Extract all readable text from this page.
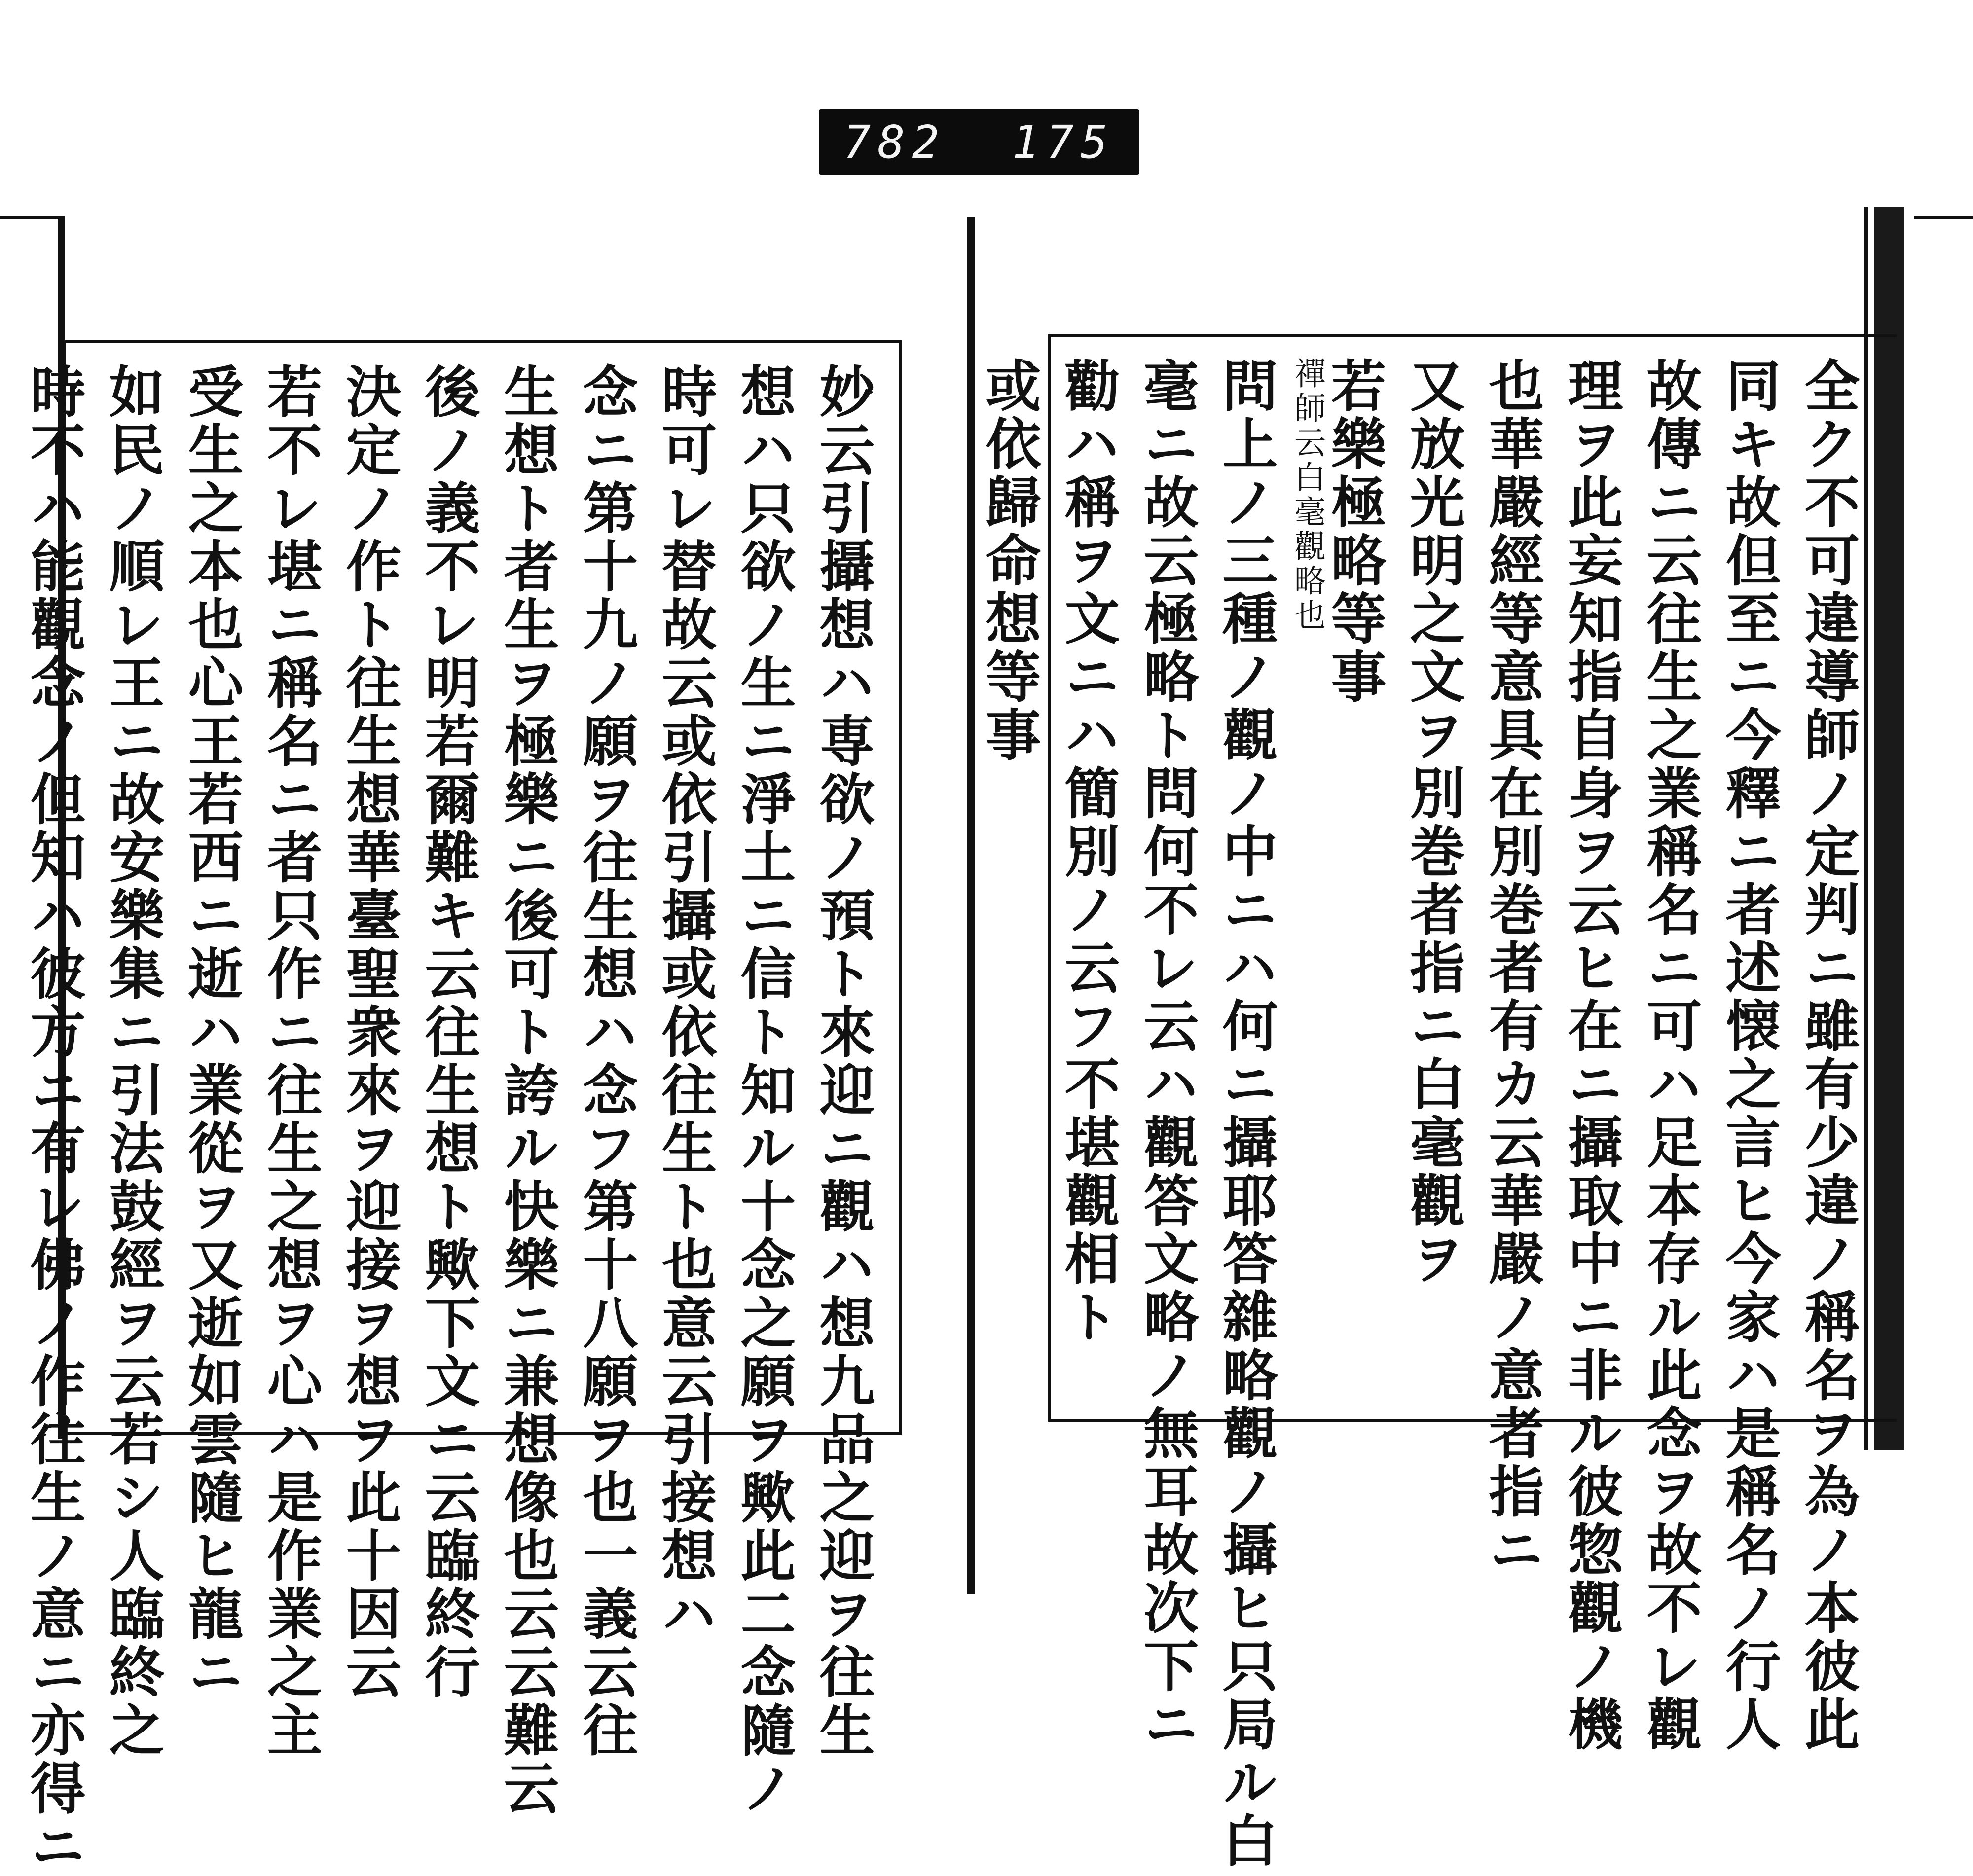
782 175
妙云引攝想ハ専欲ノ預ト來迎ニ觀ハ想九品之迎ヲ往生
想ハ只欲ノ生ニ淨土ニ信ト知ル十念之願ヲ歟此二念隨ノ
時可レ替故云或依引攝或依往生ト也意云引接想ハ
念ニ第十九ノ願ヲ往生想ハ念フ第十八願ヲ也一義云往
生想ト者生ヲ極樂ニ後可ト誇ル快樂ニ兼想像也云云難云
後ノ義不レ明若爾難キ云往生想ト歟下文ニ云臨終行
決定ノ作ト往生想華臺聖衆來ヲ迎接ヲ想ヲ此十因云
若不レ堪ニ稱名ニ者只作ニ往生之想ヲ心ハ是作業之主
受生之本也心王若西ニ逝ハ業從ヲ又逝如雲隨ヒ龍ニ
如民ノ順レ王ニ故安樂集ニ引法鼓經ヲ云若シ人臨終之
時不ハ能觀念ノ但知ハ彼方ニ有レ佛ノ作往生ノ意ニ亦得ニ	全ク不可違導師ノ定判ニ雖有少違ノ稱名ヲ為ノ本彼此
同キ故但至ニ今釋ニ者述懐之言ヒ今家ハ是稱名ノ行人
故傳ニ云往生之業稱名ニ可ハ足本存ル此念ヲ故不レ觀
理ヲ此妄知指自身ヲ云ヒ在ニ攝取中ニ非ル彼惣觀ノ機
也華嚴經等意具在別巻者有カ云華嚴ノ意者指ニ
又放光明之文ヲ別巻者指ニ白毫觀ヲ
若樂極略等事
禪師云白毫觀略也
問上ノ三種ノ觀ノ中ニハ何ニ攝耶答雜略觀ノ攝ヒ只局ル白
毫ニ故云極略ト問何不レ云ハ觀答文略ノ無耳故次下ニ
勸ハ稱ヲ文ニハ簡別ノ云フ不堪觀相ト
或依歸命想等事
